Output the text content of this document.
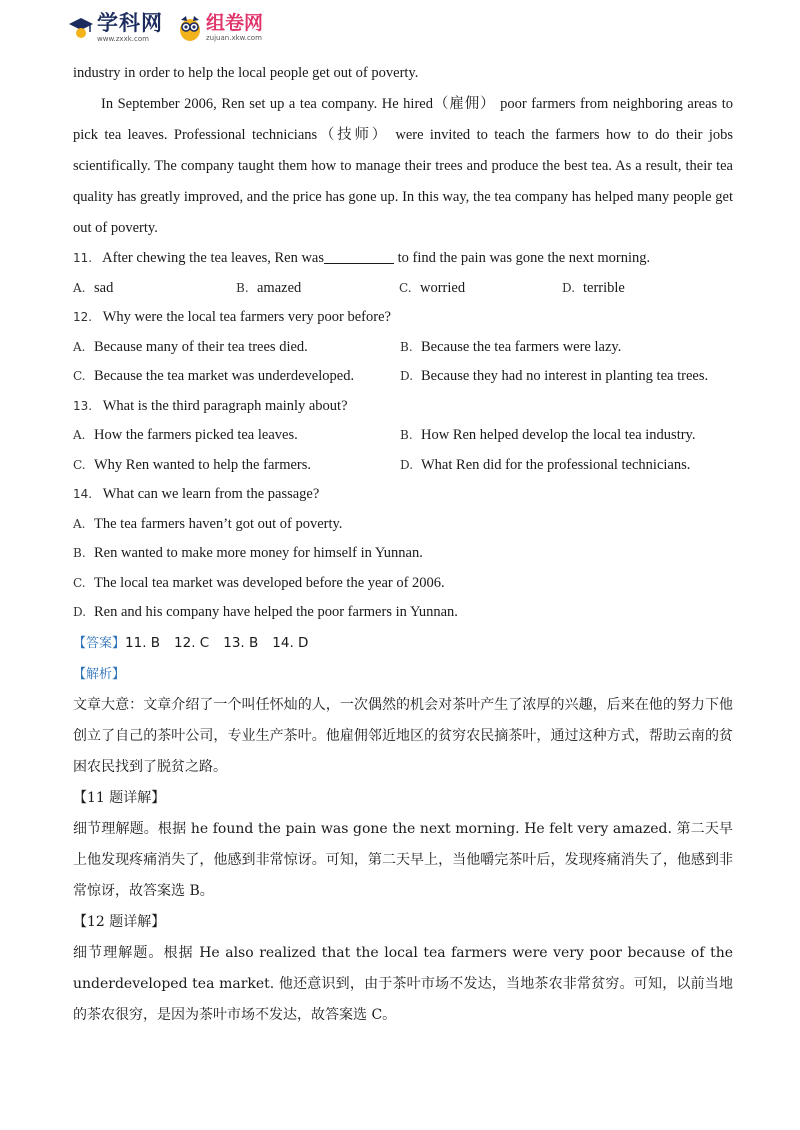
学科网
www.zxxk.com
组卷网
zujuan.xkw.com

industry in order to help the local people get out of poverty.

In September 2006, Ren set up a tea company. He hired（雇佣） poor farmers from neighboring areas to pick tea leaves. Professional technicians（技师） were invited to teach the farmers how to do their jobs scientifically. The company taught them how to manage their trees and produce the best tea. As a result, their tea quality has greatly improved, and the price has gone up. In this way, the tea company has helped many people get out of poverty.

11. After chewing the tea leaves, Ren was	to find the pain was gone the next morning.

A. sad	B. amazed	C. worried	D. terrible

12. Why were the local tea farmers very poor before?

A. Because many of their tea trees died.	B. Because the tea farmers were lazy.
C. Because the tea market was underdeveloped.	D. Because they had no interest in planting tea trees.

13. What is the third paragraph mainly about?

A. How the farmers picked tea leaves.	B. How Ren helped develop the local tea industry.
C. Why Ren wanted to help the farmers.	D. What Ren did for the professional technicians.

14. What can we learn from the passage?

A. The tea farmers haven’t got out of poverty.

B. Ren wanted to make more money for himself in Yunnan.

C. The local tea market was developed before the year of 2006.

D. Ren and his company have helped the poor farmers in Yunnan.

【答案】11. B 12. C 13. B 14. D
【解析】

文章大意：文章介绍了一个叫任怀灿的人，一次偶然的机会对茶叶产生了浓厚的兴趣，后来在他的努力下他创立了自己的茶叶公司，专业生产茶叶。他雇佣邻近地区的贫穷农民摘茶叶，通过这种方式，帮助云南的贫困农民找到了脱贫之路。

【11 题详解】

细节理解题。根据 he found the pain was gone the next morning. He felt very amazed. 第二天早上他发现疼痛消失了，他感到非常惊讶。可知，第二天早上，当他嚼完茶叶后，发现疼痛消失了，他感到非常惊讶，故答案选 B。

【12 题详解】

细节理解题。根据 He also realized that the local tea farmers were very poor because of the underdeveloped tea market. 他还意识到，由于茶叶市场不发达，当地茶农非常贫穷。可知，以前当地的茶农很穷，是因为茶叶市场不发达，故答案选 C。
